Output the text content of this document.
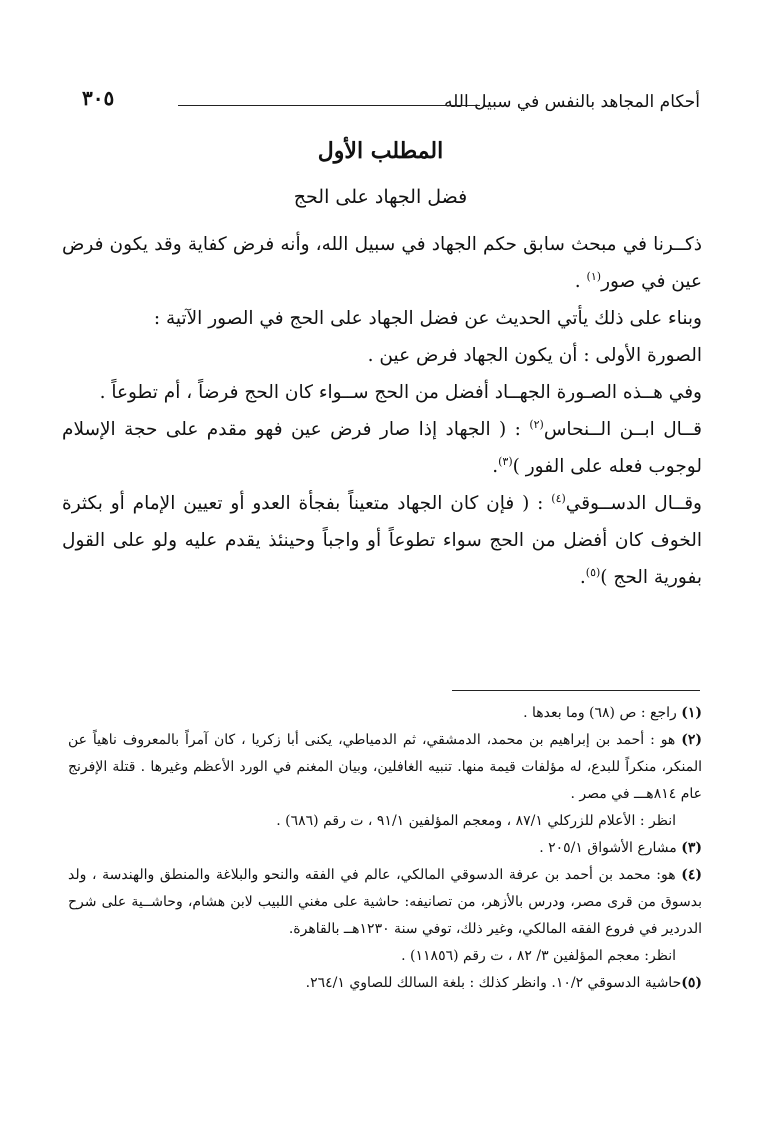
أحكام المجاهد بالنفس في سبيل الله
٣٠٥
المطلب الأول
فضل الجهاد على الحج

ذكــرنا في مبحث سابق حكم الجهاد في سبيل الله، وأنه فرض كفاية وقد يكون فرض عين في صور$^{(١)}$ .

وبناء على ذلك يأتي الحديث عن فضل الجهاد على الحج في الصور الآتية :

الصورة الأولى : أن يكون الجهاد فرض عين .

وفي هــذه الصـورة الجهــاد أفضل من الحج ســواء كان الحج فرضاً ، أم تطوعاً .

قــال ابــن الــنحاس$^{(٢)}$ : ( الجهاد إذا صار فرض عين فهو مقدم على حجة الإسلام لوجوب فعله على الفور )$^{(٣)}$.

وقــال الدســوقي$^{(٤)}$ : ( فإن كان الجهاد متعيناً بفجأة العدو أو تعيين الإمام أو بكثرة الخوف كان أفضل من الحج سواء تطوعاً أو واجباً وحينئذ يقدم عليه ولو على القول بفورية الحج )$^{(٥)}$.

(١) راجع : ص (٦٨) وما بعدها .

(٢) هو : أحمد بن إبراهيم بن محمد، الدمشقي، ثم الدمياطي، يكنى أبا زكريا ، كان آمراً بالمعروف ناهياً عن المنكر، منكراً للبدع، له مؤلفات قيمة منها. تنبيه الغافلين، وبيان المغنم في الورد الأعظم وغيرها . قتلة الإفرنج عام ٨١٤هـــ في مصر .

انظر : الأعلام للزركلي ٨٧/١ ، ومعجم المؤلفين ٩١/١ ، ت رقم (٦٨٦) .

(٣) مشارع الأشواق ٢٠٥/١ .

(٤) هو: محمد بن أحمد بن عرفة الدسوقي المالكي، عالم في الفقه والنحو والبلاغة والمنطق والهندسة ، ولد بدسوق من قرى مصر، ودرس بالأزهر، من تصانيفه: حاشية على مغني اللبيب لابن هشام، وحاشــية على شرح الدردير في فروع الفقه المالكي، وغير ذلك، توفي سنة ١٢٣٠هــ بالقاهرة.

انظر: معجم المؤلفين ٣/ ٨٢ ، ت رقم (١١٨٥٦) .

(٥)حاشية الدسوقي ١٠/٢. وانظر كذلك : بلغة السالك للصاوي ٢٦٤/١.
